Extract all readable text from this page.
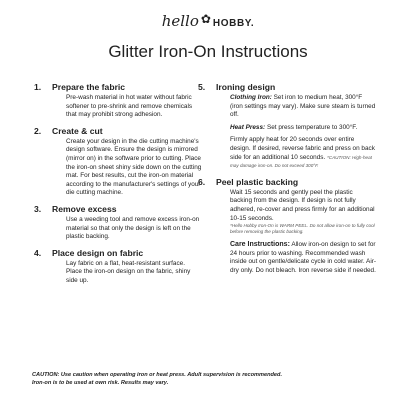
hello ✿ HOBBY.
Glitter Iron-On Instructions
1. Prepare the fabric
Pre-wash material in hot water without fabric softener to pre-shrink and remove chemicals that may prohibit strong adhesion.
2. Create & cut
Create your design in the die cutting machine's design software. Ensure the design is mirrored (mirror on) in the software prior to cutting. Place the iron-on sheet shiny side down on the cutting mat. For best results, cut the iron-on material according to the manufacturer's settings of your die cutting machine.
3. Remove excess
Use a weeding tool and remove excess iron-on material so that only the design is left on the plastic backing.
4. Place design on fabric
Lay fabric on a flat, heat-resistant surface. Place the iron-on design on the fabric, shiny side up.
5. Ironing design
Clothing Iron: Set iron to medium heat, 300°F (iron settings may vary). Make sure steam is turned off.
Heat Press: Set press temperature to 300°F.
Firmly apply heat for 20 seconds over entire design. If desired, reverse fabric and press on back side for an additional 10 seconds. *CAUTION: High-heat may damage iron-on. Do not exceed 300°F.
6. Peel plastic backing
Wait 15 seconds and gently peel the plastic backing from the design. If design is not fully adhered, re-cover and press firmly for an additional 10-15 seconds.
*Hello Hobby Iron-On is WARM PEEL. Do not allow iron-on to fully cool before removing the plastic backing.
Care Instructions: Allow iron-on design to set for 24 hours prior to washing. Recommended wash inside out on gentle/delicate cycle in cold water. Air-dry only. Do not bleach. Iron reverse side if needed.
CAUTION: Use caution when operating iron or heat press. Adult supervision is recommended.
Iron-on is to be used at own risk. Results may vary.
